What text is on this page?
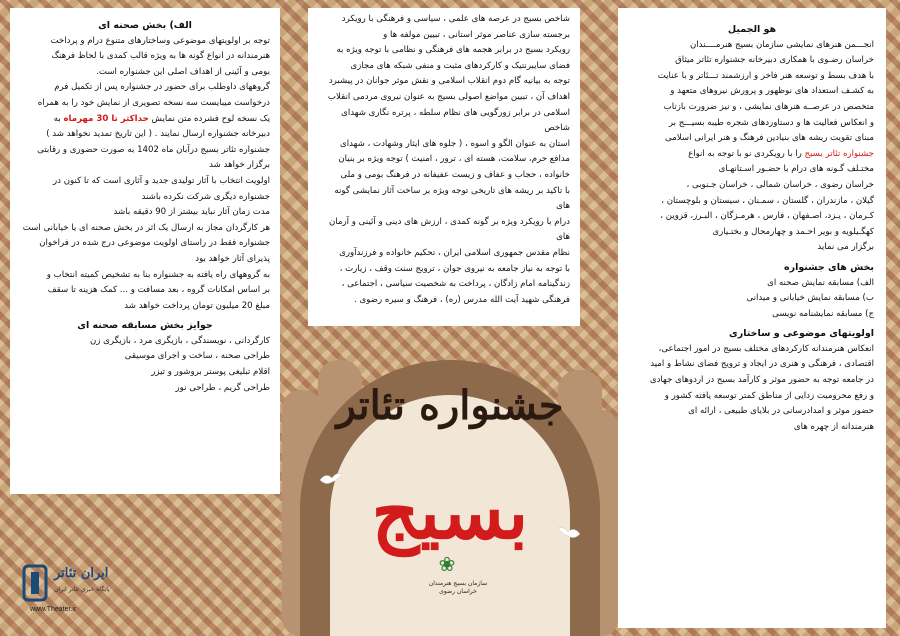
هو الجمیل

انجـــمن هنرهای نمایشی سازمان بسیج هنرمــــندان

خراسان رضـوی با همکاری دبیرخانه جشنواره تئاتر میثاق

با هدف بسط و توسعه هنر فاخر و ارزشمند تـــئاتر و با عنایت

به کشـف استعداد های نوظهور و پرورش نیروهای متعهد و

متخصص در عرصــه هنرهای نمایشی ، و نیز ضرورت بازتاب

و انعکاس فعالیت ها و دستاوردهای شجره طیبه بسیـــج بر

مبنای تقویت ریشه های بنیادین فرهنگ و هنر ایرانی اسلامی

جشنواره تئاتر بسیج را با رویکردی نو با توجه به انواع

مختـلف گـونه های درام با حضـور اسـتانهـای

خراسان رضوی ، خراسان شمالی ، خراسان جـنوبی ،

گیلان ، مازندران ، گلستان ، سمـنان ، سیستان و بلوچستان ،

کـرمان ، یـزد، اصـفهان ، فارس ، هرمـزگان ، البـرز، قزوین ،

کهگـیلویه و بویر احـمد و چهارمحال و بختـیاری

برگزار می نماید

بخش های جشنواره

الف) مسابقه نمایش صحنه ای

ب) مسابقه نمایش خیابانی و میدانی

ج) مسابقه نمایشنامه نویسی

اولویتهای موضوعی و ساختاری

انعکاس هنرمندانه کارکردهای مختلف بسیج در امور اجتماعی،

اقتصادی ، فرهنگی و هنری در ایجاد و ترویج فضای نشاط و امید

در جامعه توجه به حضور موثر و کارآمد بسیج در اردوهای جهادی

و رفع محرومیت زدایی از مناطق کمتر توسعه یافته کشور و

حضور موثر و امدادرسانی در بلایای طبیعی ، ارائه ای

هنرمندانه از چهره های

شاخص بسیج در عرصه های علمی ، سیاسی و فرهنگی با رویکرد

برجسته سازی عناصر موثر استانی ، تبیین مولفه ها و

رویکرد بسیج در برابر هجمه های فرهنگی و نظامی با توجه ویژه به

فضای سایبرنتیک و کارکردهای مثبت و منفی شبکه های مجازی

توجه به بیانیه گام دوم انقلاب اسلامی و نقش موثر جوانان در پیشبرد

اهداف آن ، تبیین مواضع اصولی بسیج به عنوان نیروی مردمی انقلاب

اسلامی در برابر زورگویی های نظام سلطه ، پرتره نگاری شهدای شاخص

استان به عنوان الگو و اسوه ، ( جلوه های ایثار وشهادت ، شهدای

مدافع حرم، سلامت، هسته ای ، ترور ، امنیت ) توجه ویژه بر بنیان

خانواده ، حجاب و عفاف و زیست عفیفانه در فرهنگ بومی و ملی

با تاکید بر ریشه های تاریخی توجه ویژه بر ساخت آثار نمایشی گونه های

درام با رویکرد ویژه بر گونه کمدی ، ارزش های دینی و آئینی و آرمان های

نظام مقدس جمهوری اسلامی ایران ، تحکیم خانواده و فرزندآوری

با توجه به نیاز جامعه به نیروی جوان ، ترویج سنت وقف ، زیارت ،

زندگینامه امام زادگان ، پرداخت به شخصیت سیاسی ، اجتماعی ،

فرهنگی شهید آیت الله مدرس (ره) ، فرهنگ و سیره رضوی .

الف) بخش صحنه ای

توجه بر اولویتهای موضوعی وساختارهای متنوع درام و پرداخت

هنرمندانه در انواع گونه ها به ویژه قالب کمدی با لحاظ فرهنگ

بومی و آئینی از اهداف اصلی این جشنواره است.

گروههای داوطلب برای حضور در جشنواره پس از تکمیل فرم

درخواست میبایست سه نسخه تصویری از نمایش خود را به همراه

یک نسخه لوح فشرده متن نمایش حداکثر تا 30 مهرماه به

دبیرخانه جشنواره ارسال نمایند . ( این تاریخ تمدید نخواهد شد )

جشنواره تئاتر بسیج درآبان ماه 1402 به صورت حضوری و رقابتی

برگزار خواهد شد

اولویت انتخاب با آثار تولیدی جدید و آثاری است که تا کنون در

جشنواره دیگری شرکت نکرده باشند

مدت زمان آثار نباید بیشتر از 90 دقیقه باشد

هر کارگردان مجاز به ارسال یک اثر در بخش صحنه ای یا خیابانی است

جشنواره فقط در راستای اولویت موضوعی درج شده در فراخوان

پذیرای آثار خواهد بود

به گروههای راه یافته به جشنواره بنا به تشخیص کمیته انتخاب و

بر اساس امکانات گروه ، بعد مسافت و ... کمک هزینه تا سقف

مبلغ 20 میلیون تومان پرداخت خواهد شد

جوایز بخش مسابقه صحنه ای

کارگردانی ، نویسندگی ، بازیگری مرد ، بازیگری زن

طراحی صحنه ، ساخت و اجرای موسیقی

اقلام تبلیغی پوستر بروشور و تیزر

طراحی گریم ، طراحی نور	جشنواره تئاتر
بسیج
❀
سازمان بسیج هنرمندان
خراسان رضوی
ایران تئاتر
پایگاه خبری تئاتر ایران
www.Theater.ir
